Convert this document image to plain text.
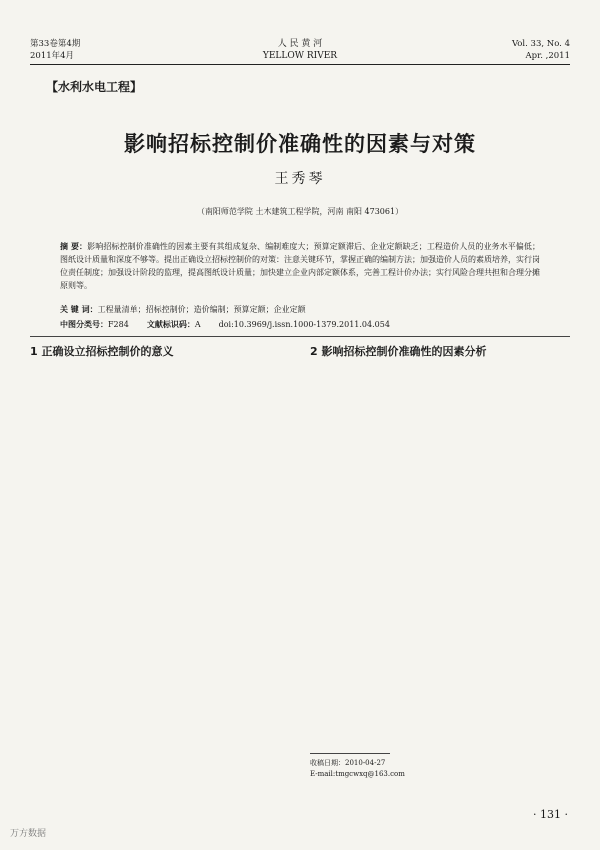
第33卷第4期
2011年4月
人 民 黄 河
YELLOW RIVER
Vol. 33, No. 4
Apr. ,2011
【水利水电工程】
影响招标控制价准确性的因素与对策
王秀琴
（南阳师范学院 土木建筑工程学院，河南 南阳 473061）
摘 要：影响招标控制价准确性的因素主要有其组成复杂、编制难度大；预算定额滞后、企业定额缺乏；工程造价人员的业务水平偏低；图纸设计质量和深度不够等。提出正确设立招标控制价的对策：注意关键环节，掌握正确的编制方法；加强造价人员的素质培养，实行岗位责任制度；加强设计阶段的监理，提高图纸设计质量；加快建立企业内部定额体系，完善工程计价办法；实行风险合理共担和合理分摊原则等。
关 键 词：工程量清单；招标控制价；造价编制；预算定额；企业定额
中图分类号：F284 文献标识码：A doi:10.3969/j.issn.1000-1379.2011.04.054

1 正确设立招标控制价的意义	2 影响招标控制价准确性的因素分析

收稿日期：2010-04-27
E-mail:tmgcwxq@163.com
· 131 ·
万方数据
